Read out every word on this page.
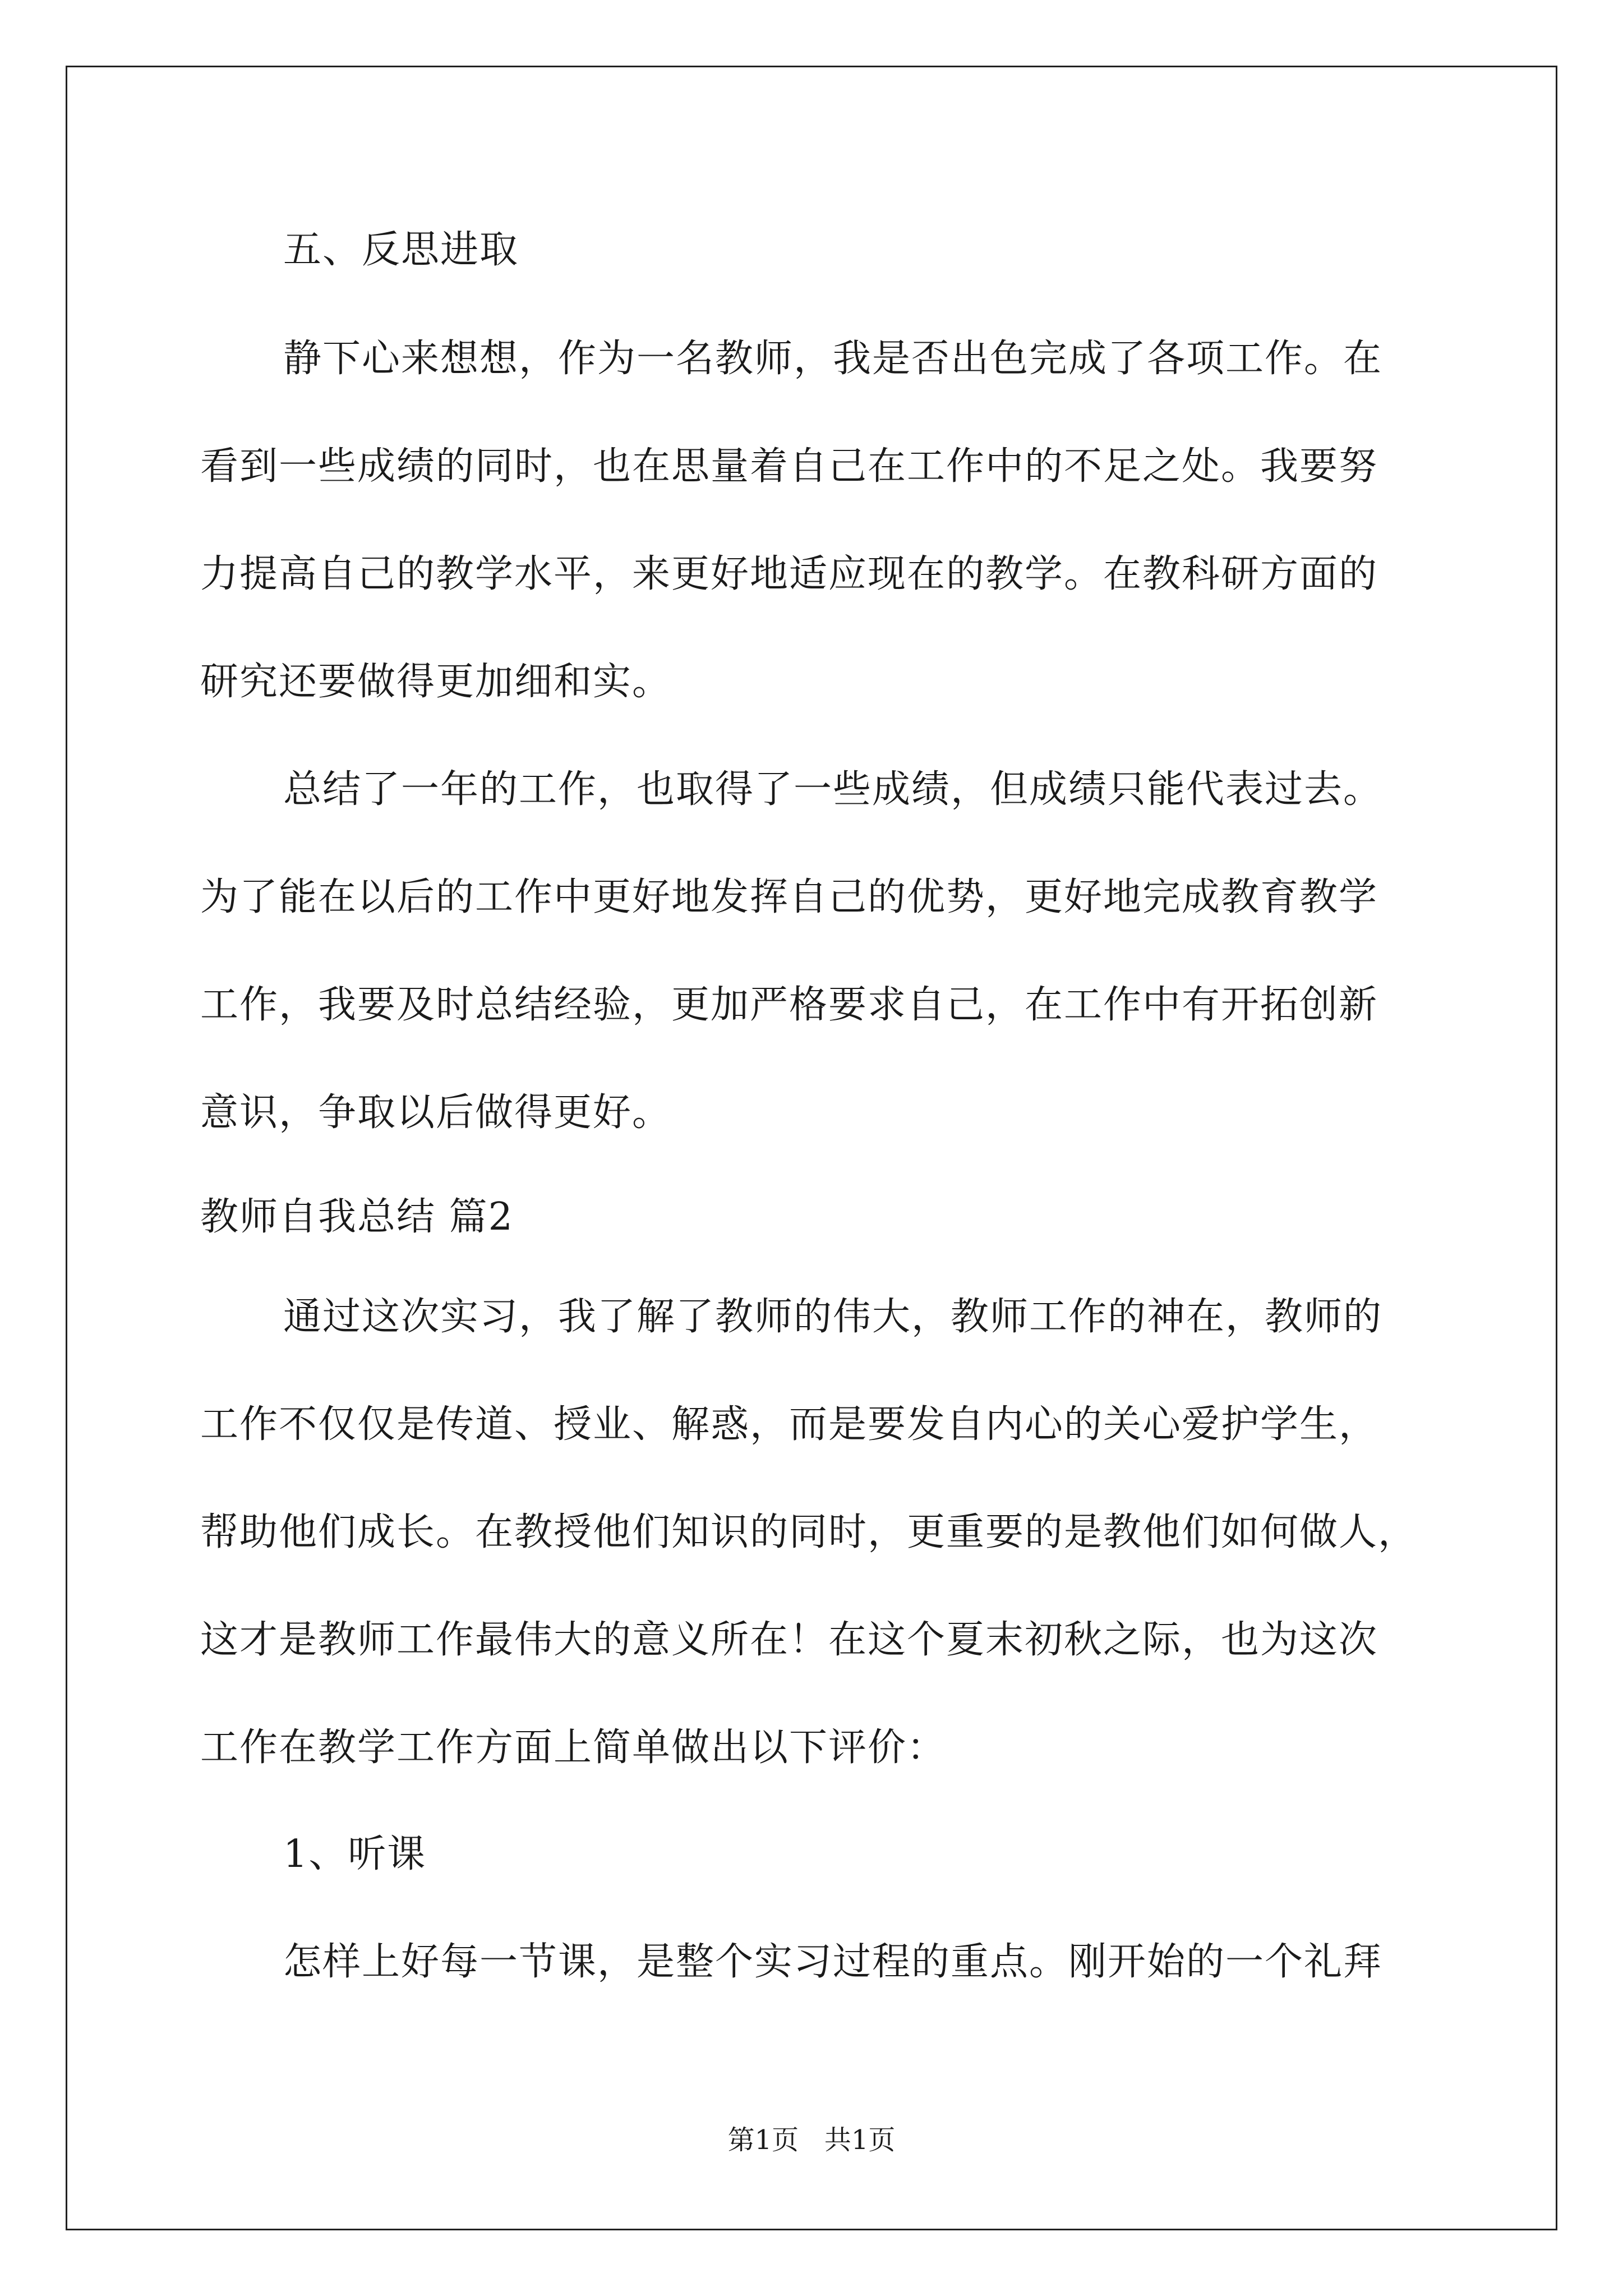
五、反思进取
静下心来想想，作为一名教师，我是否出色完成了各项工作。在
看到一些成绩的同时，也在思量着自己在工作中的不足之处。我要努
力提高自己的教学水平，来更好地适应现在的教学。在教科研方面的
研究还要做得更加细和实。
总结了一年的工作，也取得了一些成绩，但成绩只能代表过去。
为了能在以后的工作中更好地发挥自己的优势，更好地完成教育教学
工作，我要及时总结经验，更加严格要求自己，在工作中有开拓创新
意识，争取以后做得更好。
教师自我总结 篇2
通过这次实习，我了解了教师的伟大，教师工作的神在，教师的
工作不仅仅是传道、授业、解惑，而是要发自内心的关心爱护学生，
帮助他们成长。在教授他们知识的同时，更重要的是教他们如何做人，
这才是教师工作最伟大的意义所在！在这个夏末初秋之际，也为这次
工作在教学工作方面上简单做出以下评价：
1、听课
怎样上好每一节课，是整个实习过程的重点。刚开始的一个礼拜
第1页   共1页
